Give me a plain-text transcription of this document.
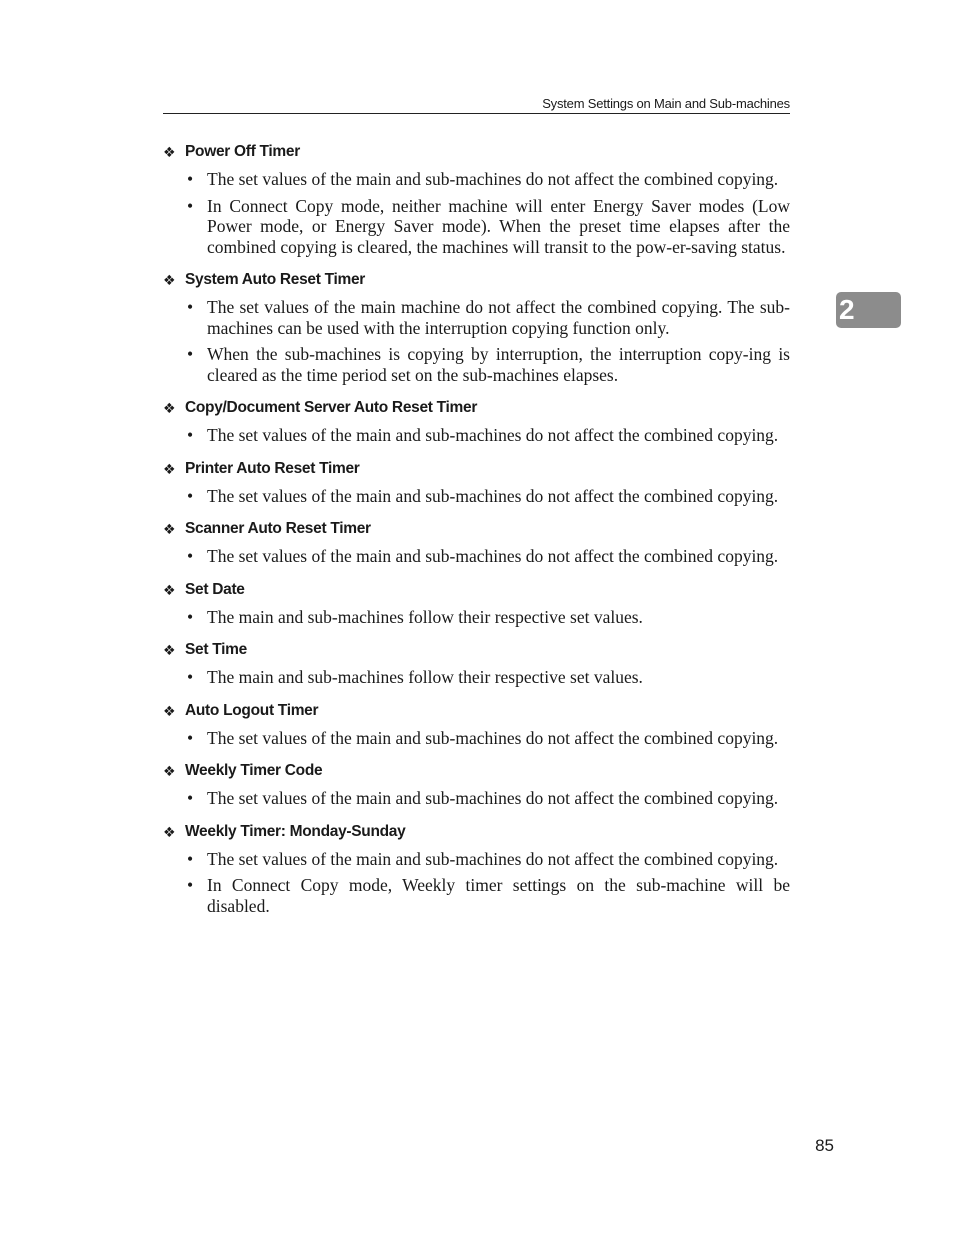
System Settings on Main and Sub-machines
2
❖ Power Off Timer
• The set values of the main and sub-machines do not affect the combined copying.
• In Connect Copy mode, neither machine will enter Energy Saver modes (Low Power mode, or Energy Saver mode). When the preset time elapses after the combined copying is cleared, the machines will transit to the pow-er-saving status.
❖ System Auto Reset Timer
• The set values of the main machine do not affect the combined copying. The sub-machines can be used with the interruption copying function only.
• When the sub-machines is copying by interruption, the interruption copy-ing is cleared as the time period set on the sub-machines elapses.
❖ Copy/Document Server Auto Reset Timer
• The set values of the main and sub-machines do not affect the combined copying.
❖ Printer Auto Reset Timer
• The set values of the main and sub-machines do not affect the combined copying.
❖ Scanner Auto Reset Timer
• The set values of the main and sub-machines do not affect the combined copying.
❖ Set Date
• The main and sub-machines follow their respective set values.
❖ Set Time
• The main and sub-machines follow their respective set values.
❖ Auto Logout Timer
• The set values of the main and sub-machines do not affect the combined copying.
❖ Weekly Timer Code
• The set values of the main and sub-machines do not affect the combined copying.
❖ Weekly Timer: Monday-Sunday
• The set values of the main and sub-machines do not affect the combined copying.
• In Connect Copy mode, Weekly timer settings on the sub-machine will be disabled.
85
